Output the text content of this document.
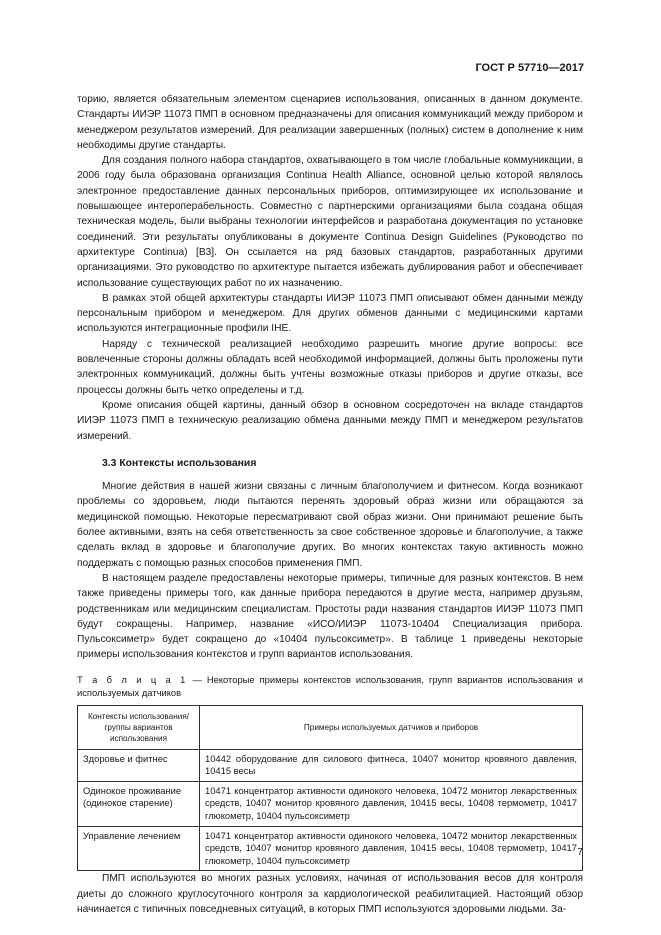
ГОСТ Р 57710—2017

торию, является обязательным элементом сценариев использования, описанных в данном документе. Стандарты ИИЭР 11073 ПМП в основном предназначены для описания коммуникаций между прибором и менеджером результатов измерений. Для реализации завершенных (полных) систем в дополнение к ним необходимы другие стандарты.

Для создания полного набора стандартов, охватывающего в том числе глобальные коммуникации, в 2006 году была образована организация Continua Health Alliance, основной целью которой являлось электронное предоставление данных персональных приборов, оптимизирующее их использование и повышающее интероперабельность. Совместно с партнерскими организациями была создана общая техническая модель, были выбраны технологии интерфейсов и разработана документация по установке соединений. Эти результаты опубликованы в документе Continua Design Guidelines (Руководство по архитектуре Continua) [B3]. Он ссылается на ряд базовых стандартов, разработанных другими организациями. Это руководство по архитектуре пытается избежать дублирования работ и обеспечивает использование существующих работ по их назначению.

В рамках этой общей архитектуры стандарты ИИЭР 11073 ПМП описывают обмен данными между персональным прибором и менеджером. Для других обменов данными с медицинскими картами используются интеграционные профили IHE.

Наряду с технической реализацией необходимо разрешить многие другие вопросы: все вовлеченные стороны должны обладать всей необходимой информацией, должны быть проложены пути электронных коммуникаций, должны быть учтены возможные отказы приборов и другие отказы, все процессы должны быть четко определены и т.д.

Кроме описания общей картины, данный обзор в основном сосредоточен на вкладе стандартов ИИЭР 11073 ПМП в техническую реализацию обмена данными между ПМП и менеджером результатов измерений.

3.3 Контексты использования

Многие действия в нашей жизни связаны с личным благополучием и фитнесом. Когда возникают проблемы со здоровьем, люди пытаются перенять здоровый образ жизни или обращаются за медицинской помощью. Некоторые пересматривают свой образ жизни. Они принимают решение быть более активными, взять на себя ответственность за свое собственное здоровье и благополучие, а также сделать вклад в здоровье и благополучие других. Во многих контекстах такую активность можно поддержать с помощью разных способов применения ПМП.

В настоящем разделе предоставлены некоторые примеры, типичные для разных контекстов. В нем также приведены примеры того, как данные прибора передаются в другие места, например друзьям, родственникам или медицинским специалистам. Простоты ради названия стандартов ИИЭР 11073 ПМП будут сокращены. Например, название «ИСО/ИИЭР 11073-10404 Специализация прибора. Пульсоксиметр» будет сокращено до «10404 пульсоксиметр». В таблице 1 приведены некоторые примеры использования контекстов и групп вариантов использования.

Т а б л и ц а 1 — Некоторые примеры контекстов использования, групп вариантов использования и используемых датчиков
Контексты использования/группы вариантов использования	Примеры используемых датчиков и приборов
Здоровье и фитнес	10442 оборудование для силового фитнеса, 10407 монитор кровяного давления, 10415 весы
Одинокое проживание (одинокое старение)	10471 концентратор активности одинокого человека, 10472 монитор лекарственных средств, 10407 монитор кровяного давления, 10415 весы, 10408 термометр, 10417 глюкометр, 10404 пульсоксиметр
Управление лечением	10471 концентратор активности одинокого человека, 10472 монитор лекарственных средств, 10407 монитор кровяного давления, 10415 весы, 10408 термометр, 10417 глюкометр, 10404 пульсоксиметр

ПМП используются во многих разных условиях, начиная от использования весов для контроля диеты до сложного круглосуточного контроля за кардиологической реабилитацией. Настоящий обзор начинается с типичных повседневных ситуаций, в которых ПМП используются здоровыми людьми. За-

7
